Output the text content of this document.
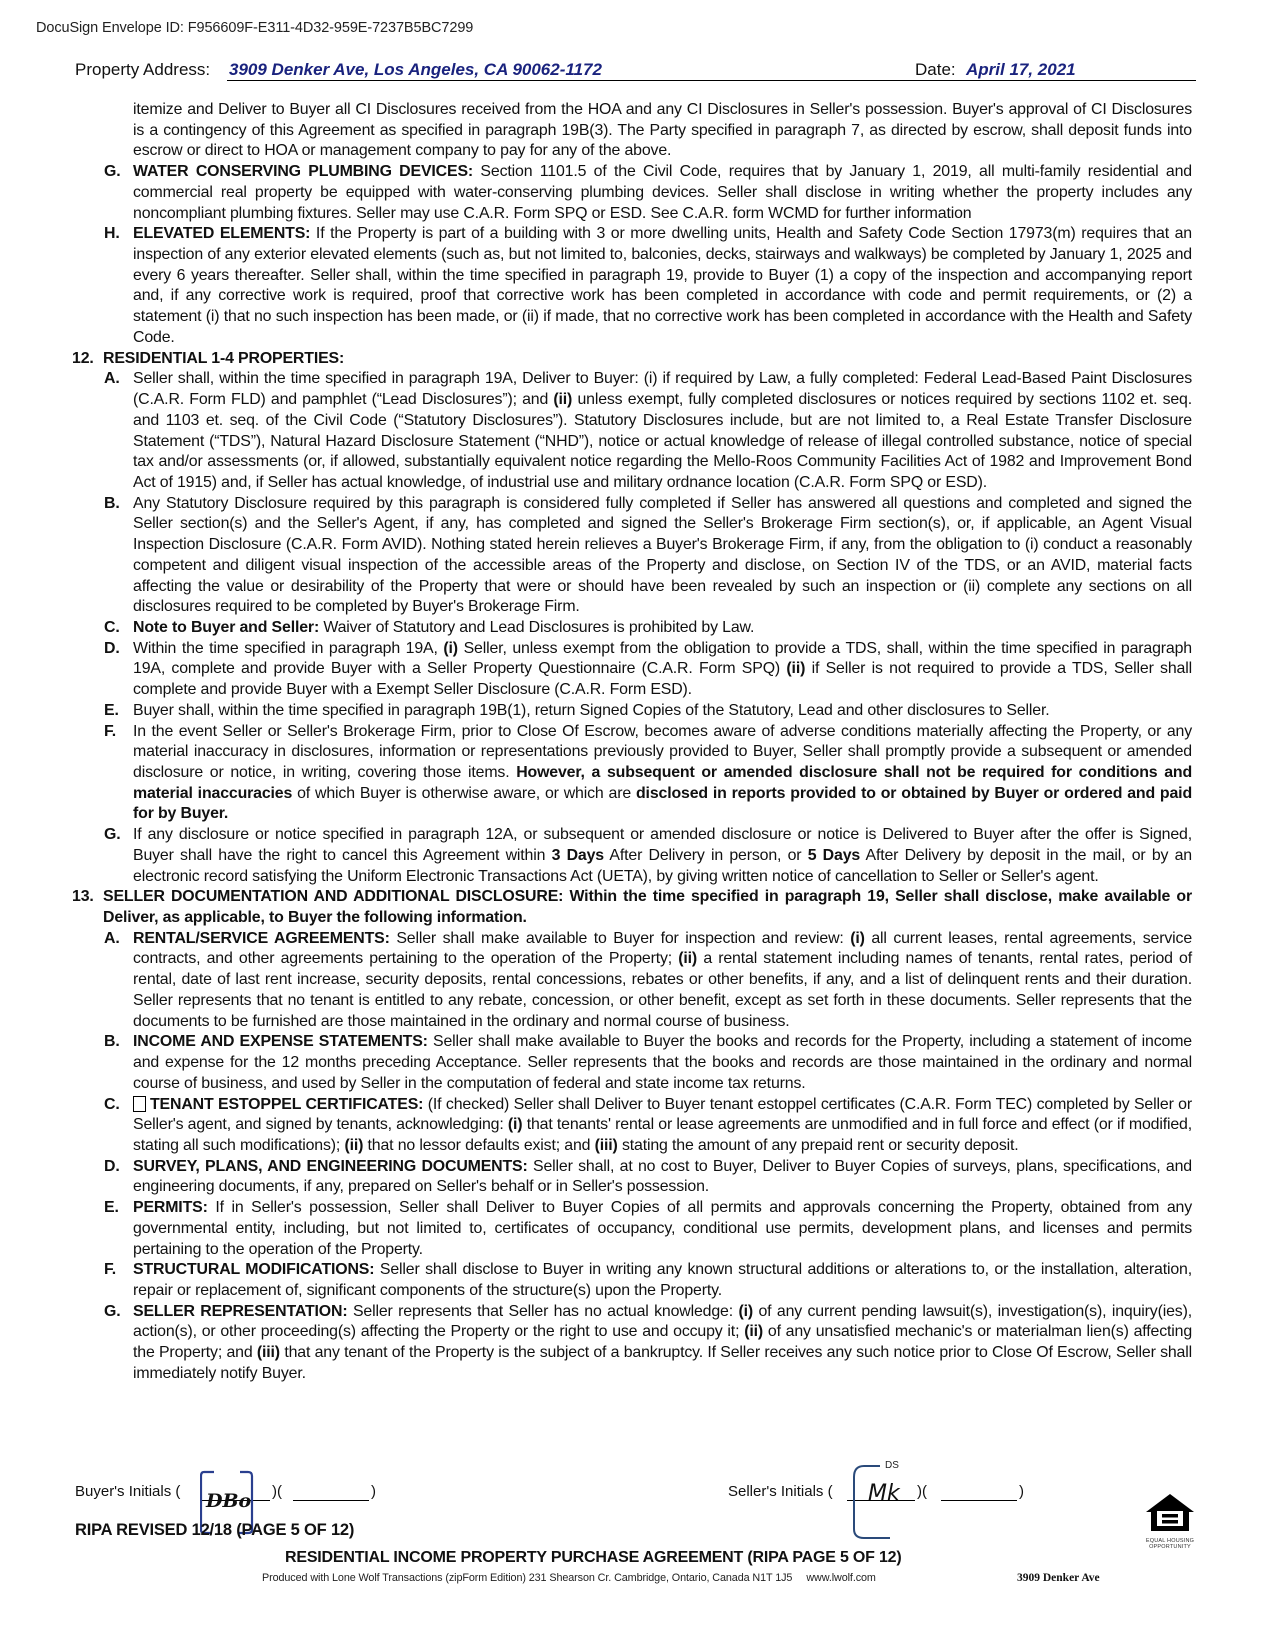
DocuSign Envelope ID: F956609F-E311-4D32-959E-7237B5BC7299
Property Address: 3909 Denker Ave, Los Angeles, CA 90062-1172	Date: April 17, 2021
itemize and Deliver to Buyer all CI Disclosures received from the HOA and any CI Disclosures in Seller's possession. Buyer's approval of CI Disclosures is a contingency of this Agreement as specified in paragraph 19B(3). The Party specified in paragraph 7, as directed by escrow, shall deposit funds into escrow or direct to HOA or management company to pay for any of the above.
G. WATER CONSERVING PLUMBING DEVICES: Section 1101.5 of the Civil Code, requires that by January 1, 2019, all multi-family residential and commercial real property be equipped with water-conserving plumbing devices. Seller shall disclose in writing whether the property includes any noncompliant plumbing fixtures. Seller may use C.A.R. Form SPQ or ESD. See C.A.R. form WCMD for further information
H. ELEVATED ELEMENTS: If the Property is part of a building with 3 or more dwelling units, Health and Safety Code Section 17973(m) requires that an inspection of any exterior elevated elements (such as, but not limited to, balconies, decks, stairways and walkways) be completed by January 1, 2025 and every 6 years thereafter. Seller shall, within the time specified in paragraph 19, provide to Buyer (1) a copy of the inspection and accompanying report and, if any corrective work is required, proof that corrective work has been completed in accordance with code and permit requirements, or (2) a statement (i) that no such inspection has been made, or (ii) if made, that no corrective work has been completed in accordance with the Health and Safety Code.
12. RESIDENTIAL 1-4 PROPERTIES:
A. Seller shall, within the time specified in paragraph 19A, Deliver to Buyer: (i) if required by Law, a fully completed: Federal Lead-Based Paint Disclosures (C.A.R. Form FLD) and pamphlet (“Lead Disclosures”); and (ii) unless exempt, fully completed disclosures or notices required by sections 1102 et. seq. and 1103 et. seq. of the Civil Code (“Statutory Disclosures”). Statutory Disclosures include, but are not limited to, a Real Estate Transfer Disclosure Statement (“TDS”), Natural Hazard Disclosure Statement (“NHD”), notice or actual knowledge of release of illegal controlled substance, notice of special tax and/or assessments (or, if allowed, substantially equivalent notice regarding the Mello-Roos Community Facilities Act of 1982 and Improvement Bond Act of 1915) and, if Seller has actual knowledge, of industrial use and military ordnance location (C.A.R. Form SPQ or ESD).
B. Any Statutory Disclosure required by this paragraph is considered fully completed if Seller has answered all questions and completed and signed the Seller section(s) and the Seller's Agent, if any, has completed and signed the Seller's Brokerage Firm section(s), or, if applicable, an Agent Visual Inspection Disclosure (C.A.R. Form AVID). Nothing stated herein relieves a Buyer's Brokerage Firm, if any, from the obligation to (i) conduct a reasonably competent and diligent visual inspection of the accessible areas of the Property and disclose, on Section IV of the TDS, or an AVID, material facts affecting the value or desirability of the Property that were or should have been revealed by such an inspection or (ii) complete any sections on all disclosures required to be completed by Buyer's Brokerage Firm.
C. Note to Buyer and Seller: Waiver of Statutory and Lead Disclosures is prohibited by Law.
D. Within the time specified in paragraph 19A, (i) Seller, unless exempt from the obligation to provide a TDS, shall, within the time specified in paragraph 19A, complete and provide Buyer with a Seller Property Questionnaire (C.A.R. Form SPQ) (ii) if Seller is not required to provide a TDS, Seller shall complete and provide Buyer with a Exempt Seller Disclosure (C.A.R. Form ESD).
E. Buyer shall, within the time specified in paragraph 19B(1), return Signed Copies of the Statutory, Lead and other disclosures to Seller.
F. In the event Seller or Seller's Brokerage Firm, prior to Close Of Escrow, becomes aware of adverse conditions materially affecting the Property, or any material inaccuracy in disclosures, information or representations previously provided to Buyer, Seller shall promptly provide a subsequent or amended disclosure or notice, in writing, covering those items. However, a subsequent or amended disclosure shall not be required for conditions and material inaccuracies of which Buyer is otherwise aware, or which are disclosed in reports provided to or obtained by Buyer or ordered and paid for by Buyer.
G. If any disclosure or notice specified in paragraph 12A, or subsequent or amended disclosure or notice is Delivered to Buyer after the offer is Signed, Buyer shall have the right to cancel this Agreement within 3 Days After Delivery in person, or 5 Days After Delivery by deposit in the mail, or by an electronic record satisfying the Uniform Electronic Transactions Act (UETA), by giving written notice of cancellation to Seller or Seller's agent.
13. SELLER DOCUMENTATION AND ADDITIONAL DISCLOSURE: Within the time specified in paragraph 19, Seller shall disclose, make available or Deliver, as applicable, to Buyer the following information.
A. RENTAL/SERVICE AGREEMENTS: Seller shall make available to Buyer for inspection and review: (i) all current leases, rental agreements, service contracts, and other agreements pertaining to the operation of the Property; (ii) a rental statement including names of tenants, rental rates, period of rental, date of last rent increase, security deposits, rental concessions, rebates or other benefits, if any, and a list of delinquent rents and their duration. Seller represents that no tenant is entitled to any rebate, concession, or other benefit, except as set forth in these documents. Seller represents that the documents to be furnished are those maintained in the ordinary and normal course of business.
B. INCOME AND EXPENSE STATEMENTS: Seller shall make available to Buyer the books and records for the Property, including a statement of income and expense for the 12 months preceding Acceptance. Seller represents that the books and records are those maintained in the ordinary and normal course of business, and used by Seller in the computation of federal and state income tax returns.
C. TENANT ESTOPPEL CERTIFICATES: (If checked) Seller shall Deliver to Buyer tenant estoppel certificates (C.A.R. Form TEC) completed by Seller or Seller's agent, and signed by tenants, acknowledging: (i) that tenants' rental or lease agreements are unmodified and in full force and effect (or if modified, stating all such modifications); (ii) that no lessor defaults exist; and (iii) stating the amount of any prepaid rent or security deposit.
D. SURVEY, PLANS, AND ENGINEERING DOCUMENTS: Seller shall, at no cost to Buyer, Deliver to Buyer Copies of surveys, plans, specifications, and engineering documents, if any, prepared on Seller's behalf or in Seller's possession.
E. PERMITS: If in Seller's possession, Seller shall Deliver to Buyer Copies of all permits and approvals concerning the Property, obtained from any governmental entity, including, but not limited to, certificates of occupancy, conditional use permits, development plans, and licenses and permits pertaining to the operation of the Property.
F. STRUCTURAL MODIFICATIONS: Seller shall disclose to Buyer in writing any known structural additions or alterations to, or the installation, alteration, repair or replacement of, significant components of the structure(s) upon the Property.
G. SELLER REPRESENTATION: Seller represents that Seller has no actual knowledge: (i) of any current pending lawsuit(s), investigation(s), inquiry(ies), action(s), or other proceeding(s) affecting the Property or the right to use and occupy it; (ii) of any unsatisfied mechanic's or materialman lien(s) affecting the Property; and (iii) that any tenant of the Property is the subject of a bankruptcy. If Seller receives any such notice prior to Close Of Escrow, Seller shall immediately notify Buyer.
Buyer's Initials (	)(	)	Seller's Initials (	)(	)
DBo
DS
Mk
RIPA REVISED 12/18 (PAGE 5 OF 12)
RESIDENTIAL INCOME PROPERTY PURCHASE AGREEMENT (RIPA PAGE 5 OF 12)
Produced with Lone Wolf Transactions (zipForm Edition) 231 Shearson Cr. Cambridge, Ontario, Canada N1T 1J5 www.lwolf.com	3909 Denker Ave
EQUAL HOUSING
OPPORTUNITY
